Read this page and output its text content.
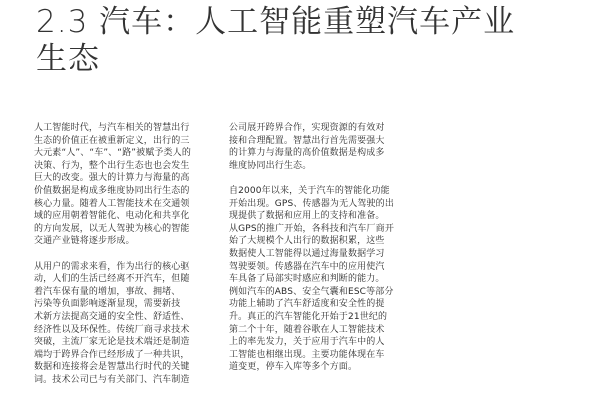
2.3 汽车：人工智能重塑汽车产业
生态
人工智能时代，与汽车相关的智慧出行
生态的价值正在被重新定义，出行的三
大元素“人”、“车”、“路”被赋予类人的
决策、行为，整个出行生态也也会发生
巨大的改变。强大的计算力与海量的高
价值数据是构成多维度协同出行生态的
核心力量。随着人工智能技术在交通领
域的应用朝着智能化、电动化和共享化
的方向发展，以无人驾驶为核心的智能
交通产业链将逐步形成。
从用户的需求来看，作为出行的核心驱
动，人们的生活已经离不开汽车，但随
着汽车保有量的增加，事故、拥堵、
污染等负面影响逐渐显现，需要新技
术新方法提高交通的安全性、舒适性、
经济性以及环保性。传统厂商寻求技术
突破，主流厂家无论是技术端还是制造
端均于跨界合作已经形成了一种共识，
数据和连接将会是智慧出行时代的关键
词。技术公司已与有关部门、汽车制造
公司展开跨界合作，实现资源的有效对
接和合理配置。智慧出行首先需要强大
的计算力与海量的高价值数据是构成多
维度协同出行生态。
自2000年以来，关于汽车的智能化功能
开始出现。GPS、传感器为无人驾驶的出
现提供了数据和应用上的支持和准备。
从GPS的推广开始，各科技和汽车厂商开
始了大规模个人出行的数据积累，这些
数据使人工智能得以通过海量数据学习
驾驶要领。传感器在汽车中的应用使汽
车具备了局部实时感应和判断的能力。
例如汽车的ABS、安全气囊和ESC等部分
功能上辅助了汽车舒适度和安全性的提
升。真正的汽车智能化开始于21世纪的
第二个十年，随着谷歌在人工智能技术
上的率先发力，关于应用于汽车中的人
工智能也相继出现。主要功能体现在车
道变更，停车入库等多个方面。
